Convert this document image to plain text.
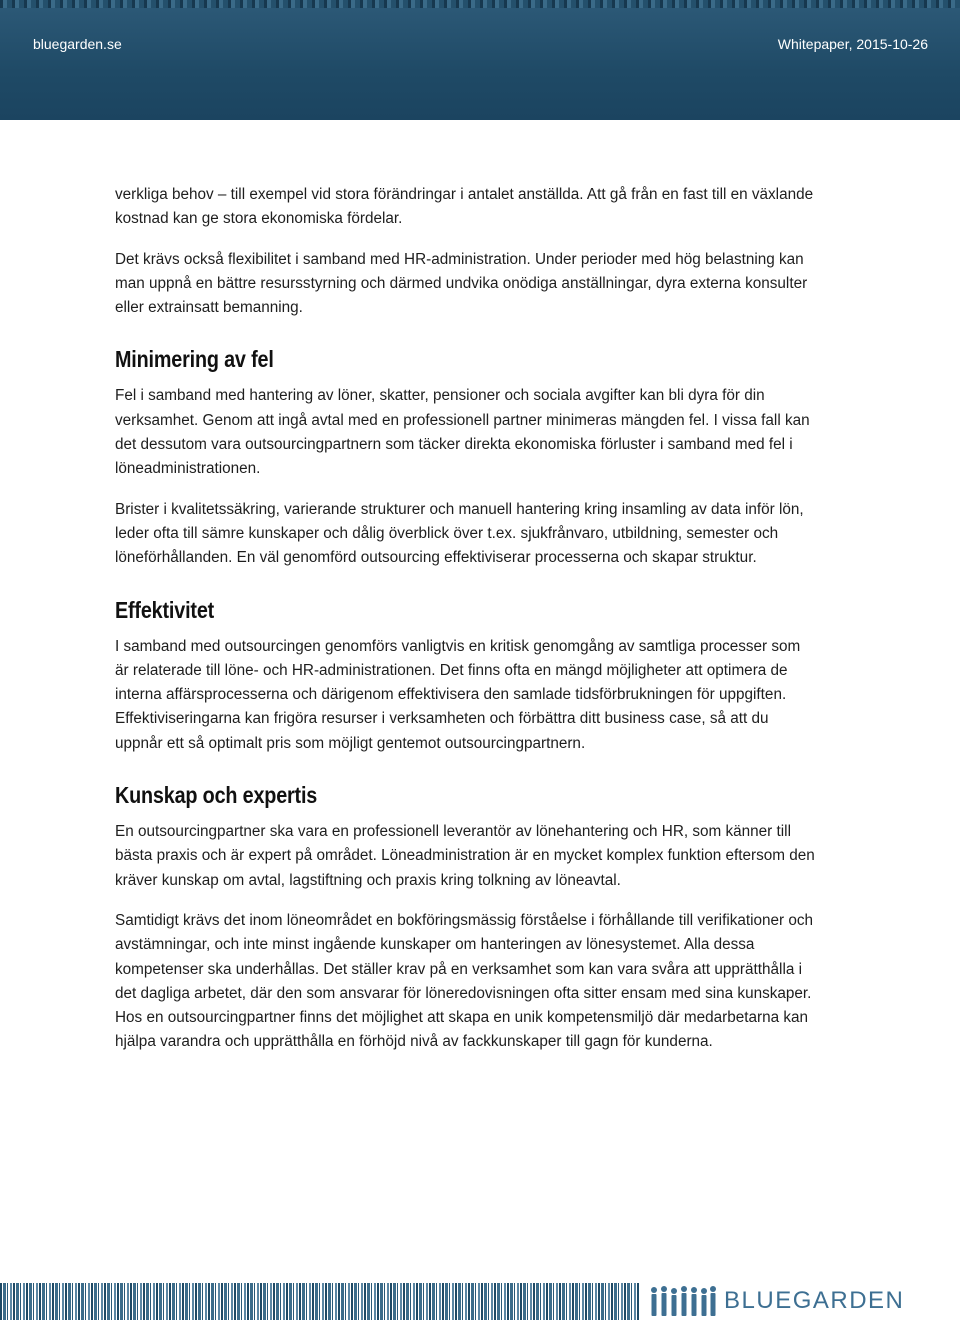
bluegarden.se	Whitepaper, 2015-10-26

verkliga behov – till exempel vid stora förändringar i antalet anställda. Att gå från en fast till en växlande kostnad kan ge stora ekonomiska fördelar.

Det krävs också flexibilitet i samband med HR-administration. Under perioder med hög belastning kan man uppnå en bättre resursstyrning och därmed undvika onödiga anställningar, dyra externa konsulter eller extrainsatt bemanning.

Minimering av fel

Fel i samband med hantering av löner, skatter, pensioner och sociala avgifter kan bli dyra för din verksamhet. Genom att ingå avtal med en professionell partner minimeras mängden fel. I vissa fall kan det dessutom vara outsourcingpartnern som täcker direkta ekonomiska förluster i samband med fel i löneadministrationen.

Brister i kvalitetssäkring, varierande strukturer och manuell hantering kring insamling av data inför lön, leder ofta till sämre kunskaper och dålig överblick över t.ex. sjukfrånvaro, utbildning, semester och löneförhållanden. En väl genomförd outsourcing effektiviserar processerna och skapar struktur.

Effektivitet

I samband med outsourcingen genomförs vanligtvis en kritisk genomgång av samtliga processer som är relaterade till löne- och HR-administrationen. Det finns ofta en mängd möjligheter att optimera de interna affärsprocesserna och därigenom effektivisera den samlade tidsförbrukningen för uppgiften. Effektiviseringarna kan frigöra resurser i verksamheten och förbättra ditt business case, så att du uppnår ett så optimalt pris som möjligt gentemot outsourcingpartnern.

Kunskap och expertis

En outsourcingpartner ska vara en professionell leverantör av lönehantering och HR, som känner till bästa praxis och är expert på området. Löneadministration är en mycket komplex funktion eftersom den kräver kunskap om avtal, lagstiftning och praxis kring tolkning av löneavtal.

Samtidigt krävs det inom löneområdet en bokföringsmässig förståelse i förhållande till verifikationer och avstämningar, och inte minst ingående kunskaper om hanteringen av lönesystemet. Alla dessa kompetenser ska underhållas. Det ställer krav på en verksamhet som kan vara svåra att upprätthålla i det dagliga arbetet, där den som ansvarar för löneredovisningen ofta sitter ensam med sina kunskaper. Hos en outsourcingpartner finns det möjlighet att skapa en unik kompetensmiljö där medarbetarna kan hjälpa varandra och upprätthålla en förhöjd nivå av fackkunskaper till gagn för kunderna.

BLUEGARDEN
